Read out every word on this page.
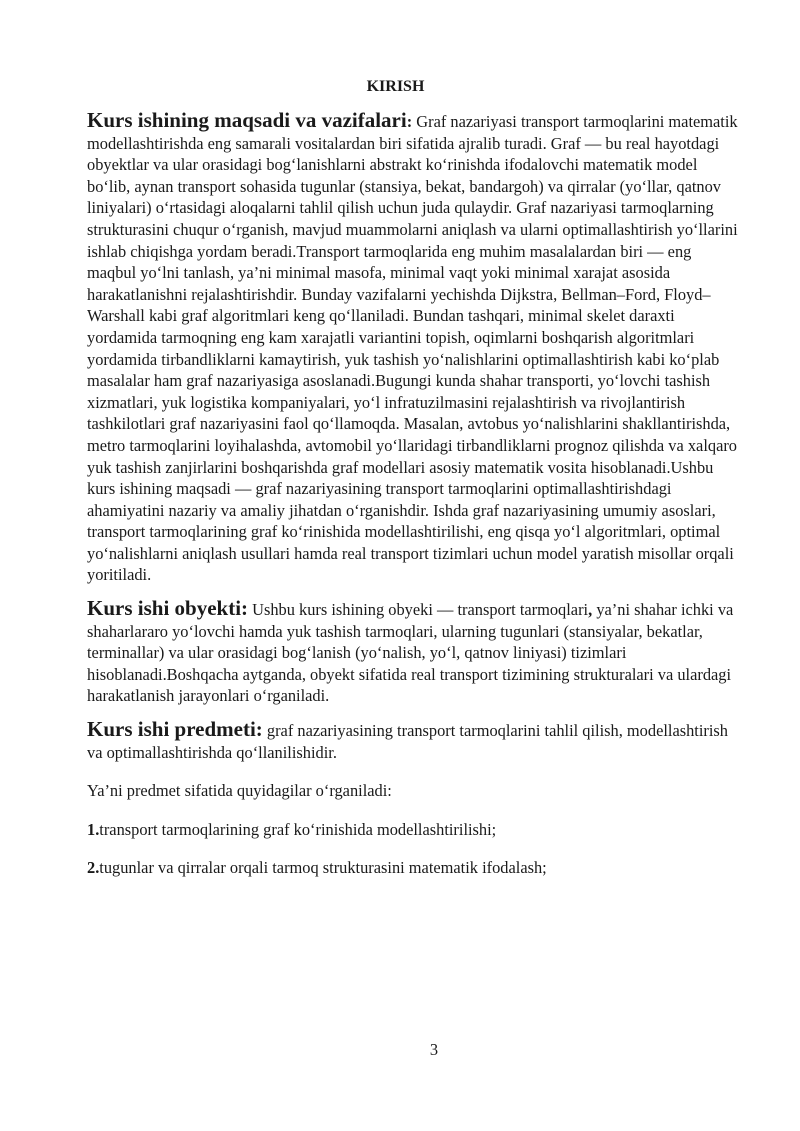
KIRISH

Kurs ishining maqsadi va vazifalari: Graf nazariyasi transport tarmoqlarini matematik modellashtirishda eng samarali vositalardan biri sifatida ajralib turadi. Graf — bu real hayotdagi obyektlar va ular orasidagi bog‘lanishlarni abstrakt ko‘rinishda ifodalovchi matematik model bo‘lib, aynan transport sohasida tugunlar (stansiya, bekat, bandargoh) va qirralar (yo‘llar, qatnov liniyalari) o‘rtasidagi aloqalarni tahlil qilish uchun juda qulaydir. Graf nazariyasi tarmoqlarning strukturasini chuqur o‘rganish, mavjud muammolarni aniqlash va ularni optimallashtirish yo‘llarini ishlab chiqishga yordam beradi.Transport tarmoqlarida eng muhim masalalardan biri — eng maqbul yo‘lni tanlash, ya’ni minimal masofa, minimal vaqt yoki minimal xarajat asosida harakatlanishni rejalashtirishdir. Bunday vazifalarni yechishda Dijkstra, Bellman–Ford, Floyd–Warshall kabi graf algoritmlari keng qo‘llaniladi. Bundan tashqari, minimal skelet daraxti yordamida tarmoqning eng kam xarajatli variantini topish, oqimlarni boshqarish algoritmlari yordamida tirbandliklarni kamaytirish, yuk tashish yo‘nalishlarini optimallashtirish kabi ko‘plab masalalar ham graf nazariyasiga asoslanadi.Bugungi kunda shahar transporti, yo‘lovchi tashish xizmatlari, yuk logistika kompaniyalari, yo‘l infratuzilmasini rejalashtirish va rivojlantirish tashkilotlari graf nazariyasini faol qo‘llamoqda. Masalan, avtobus yo‘nalishlarini shakllantirishda, metro tarmoqlarini loyihalashda, avtomobil yo‘llaridagi tirbandliklarni prognoz qilishda va xalqaro yuk tashish zanjirlarini boshqarishda graf modellari asosiy matematik vosita hisoblanadi.Ushbu kurs ishining maqsadi — graf nazariyasining transport tarmoqlarini optimallashtirishdagi ahamiyatini nazariy va amaliy jihatdan o‘rganishdir. Ishda graf nazariyasining umumiy asoslari, transport tarmoqlarining graf ko‘rinishida modellashtirilishi, eng qisqa yo‘l algoritmlari, optimal yo‘nalishlarni aniqlash usullari hamda real transport tizimlari uchun model yaratish misollar orqali yoritiladi.

Kurs ishi obyekti: Ushbu kurs ishining obyeki — transport tarmoqlari, ya’ni shahar ichki va shaharlararo yo‘lovchi hamda yuk tashish tarmoqlari, ularning tugunlari (stansiyalar, bekatlar, terminallar) va ular orasidagi bog‘lanish (yo‘nalish, yo‘l, qatnov liniyasi) tizimlari hisoblanadi.Boshqacha aytganda, obyekt sifatida real transport tizimining strukturalari va ulardagi harakatlanish jarayonlari o‘rganiladi.

Kurs ishi predmeti: graf nazariyasining transport tarmoqlarini tahlil qilish, modellashtirish va optimallashtirishda qo‘llanilishidir.

Ya’ni predmet sifatida quyidagilar o‘rganiladi:

1.transport tarmoqlarining graf ko‘rinishida modellashtirilishi;

2.tugunlar va qirralar orqali tarmoq strukturasini matematik ifodalash;

3
